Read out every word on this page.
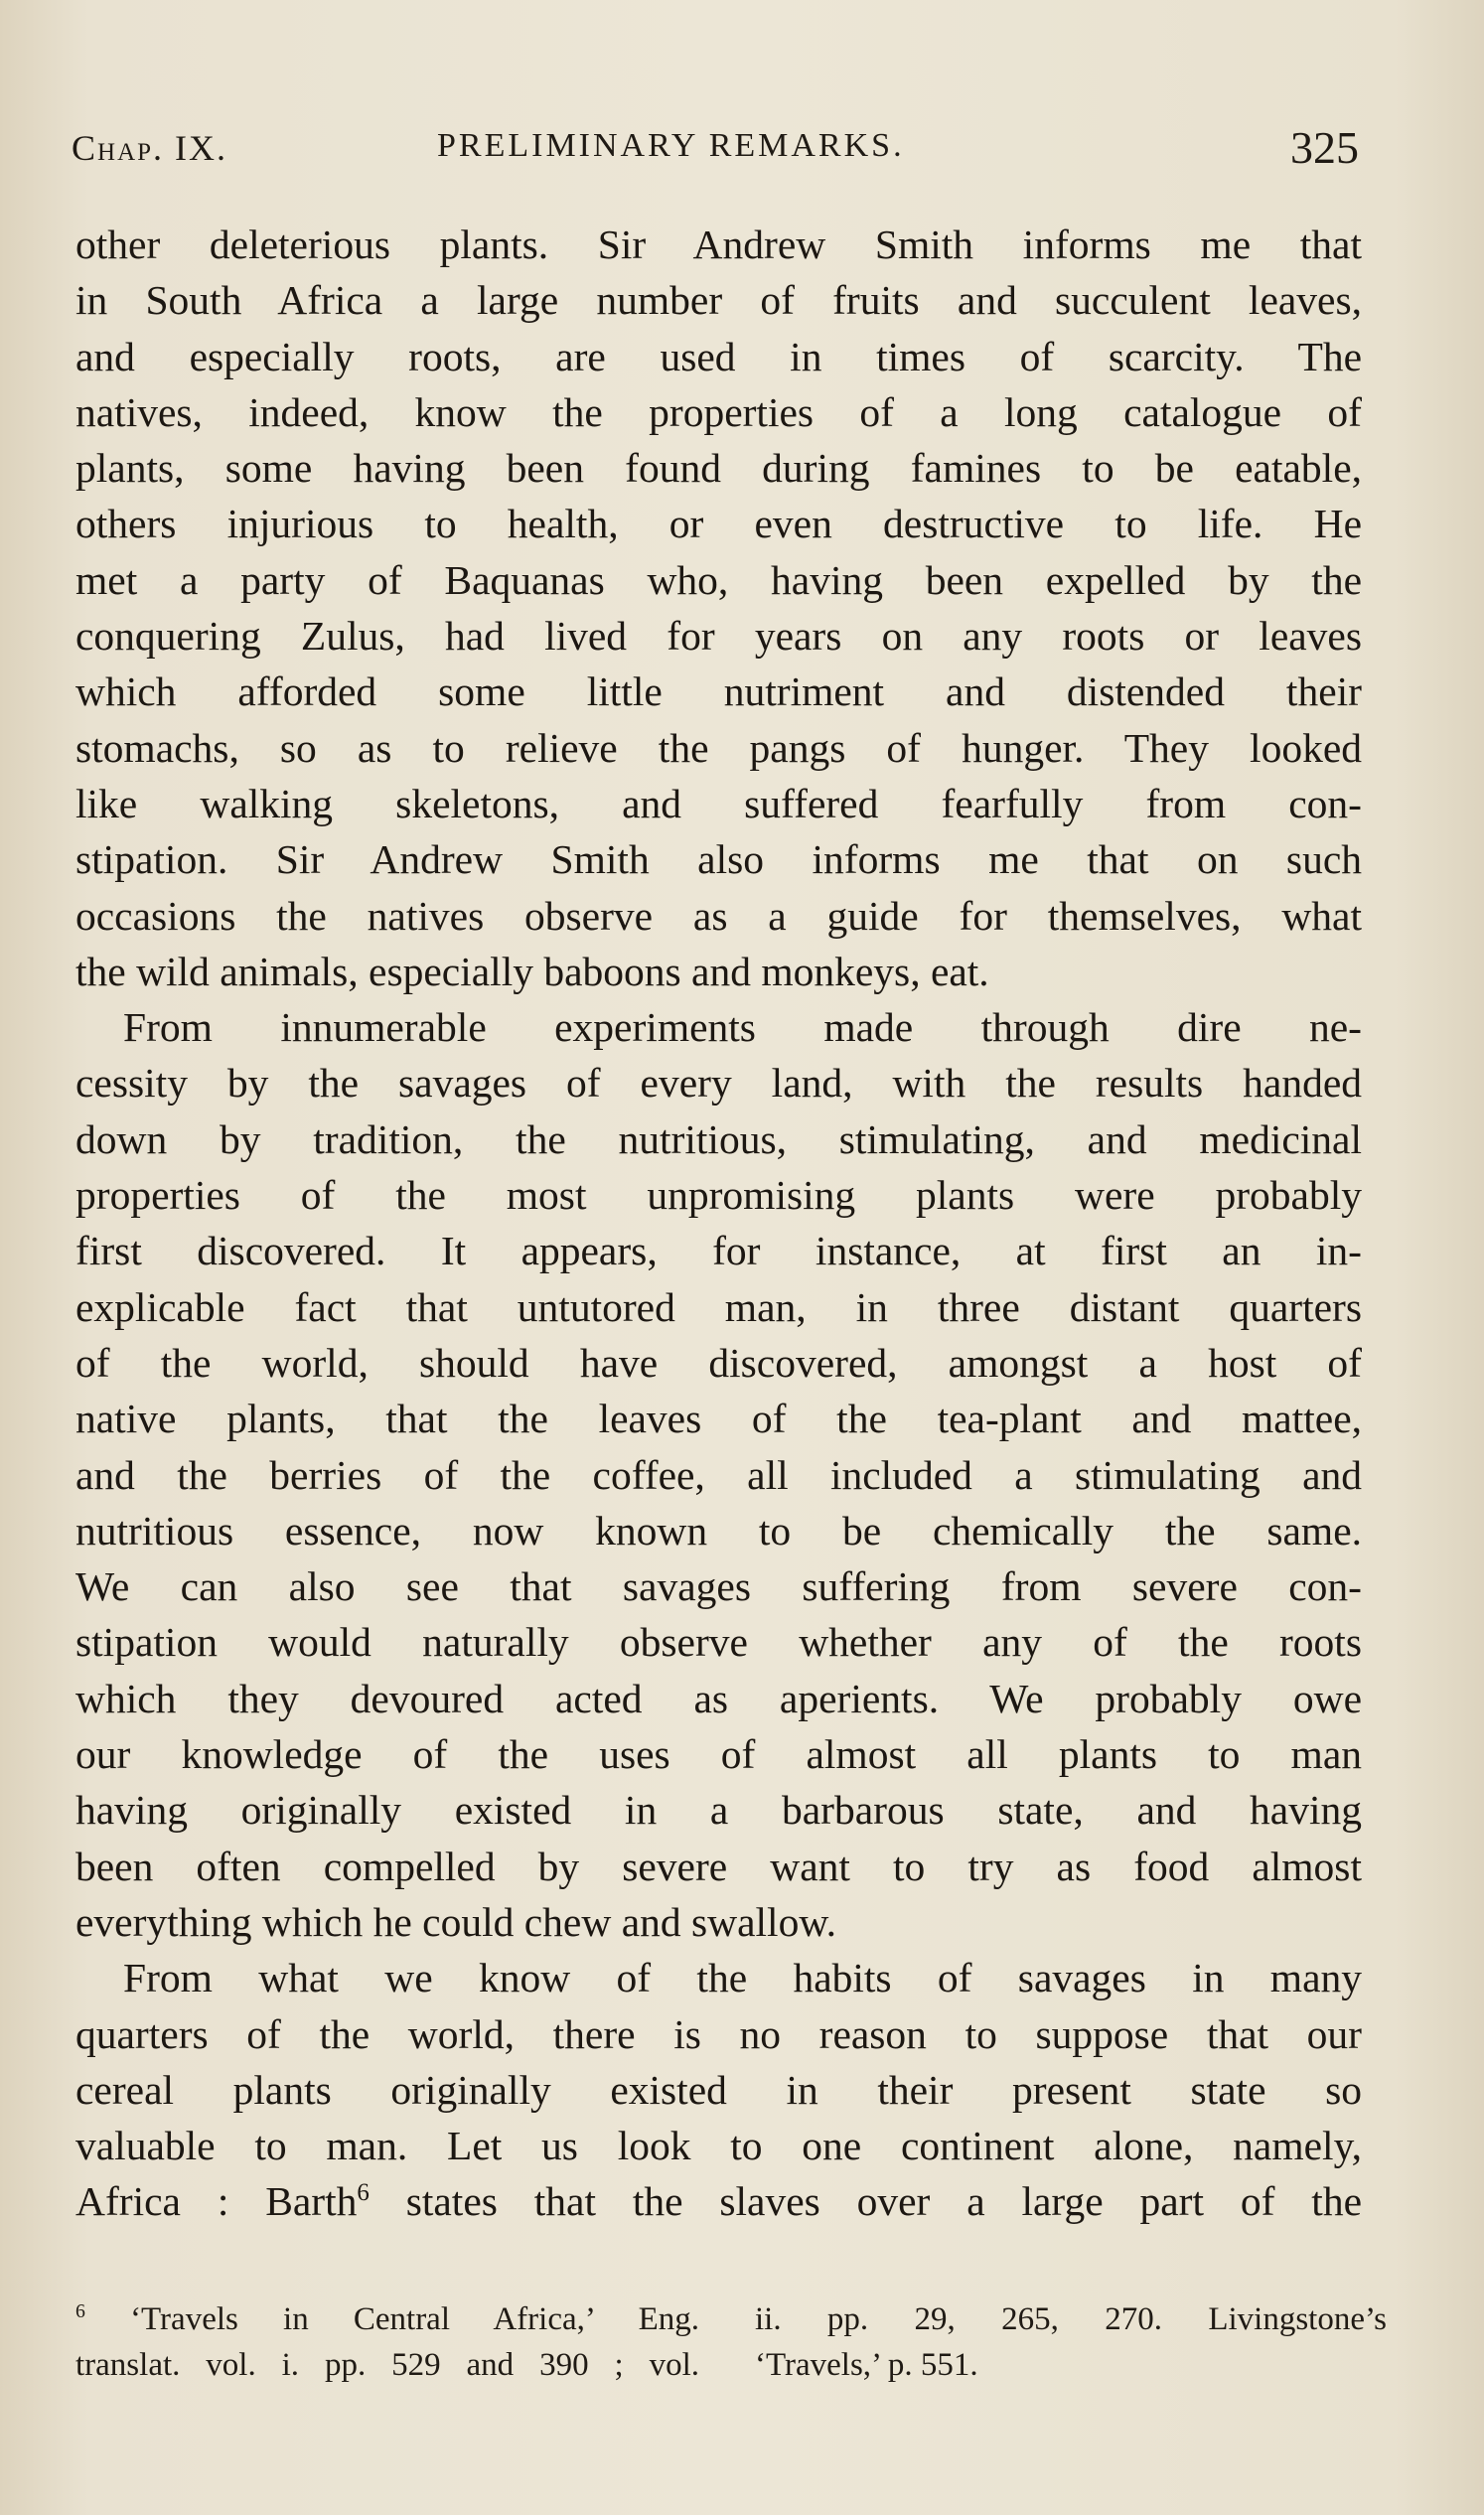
Chap. IX.	PRELIMINARY REMARKS.	325

other deleterious plants. Sir Andrew Smith informs me that
in South Africa a large number of fruits and succulent leaves,
and especially roots, are used in times of scarcity. The
natives, indeed, know the properties of a long catalogue of
plants, some having been found during famines to be eatable,
others injurious to health, or even destructive to life. He
met a party of Baquanas who, having been expelled by the
conquering Zulus, had lived for years on any roots or leaves
which afforded some little nutriment and distended their
stomachs, so as to relieve the pangs of hunger. They looked
like walking skeletons, and suffered fearfully from con-
stipation. Sir Andrew Smith also informs me that on such
occasions the natives observe as a guide for themselves, what
the wild animals, especially baboons and monkeys, eat.

From innumerable experiments made through dire ne-
cessity by the savages of every land, with the results handed
down by tradition, the nutritious, stimulating, and medicinal
properties of the most unpromising plants were probably
first discovered. It appears, for instance, at first an in-
explicable fact that untutored man, in three distant quarters
of the world, should have discovered, amongst a host of
native plants, that the leaves of the tea-plant and mattee,
and the berries of the coffee, all included a stimulating and
nutritious essence, now known to be chemically the same.
We can also see that savages suffering from severe con-
stipation would naturally observe whether any of the roots
which they devoured acted as aperients. We probably owe
our knowledge of the uses of almost all plants to man
having originally existed in a barbarous state, and having
been often compelled by severe want to try as food almost
everything which he could chew and swallow.

From what we know of the habits of savages in many
quarters of the world, there is no reason to suppose that our
cereal plants originally existed in their present state so
valuable to man. Let us look to one continent alone, namely,
Africa : Barth$^6$ states that the slaves over a large part of the

$^6$ ‘Travels in Central Africa,’ Eng.
translat. vol. i. pp. 529 and 390 ; vol.
ii. pp. 29, 265, 270. Livingstone’s
‘Travels,’ p. 551.
